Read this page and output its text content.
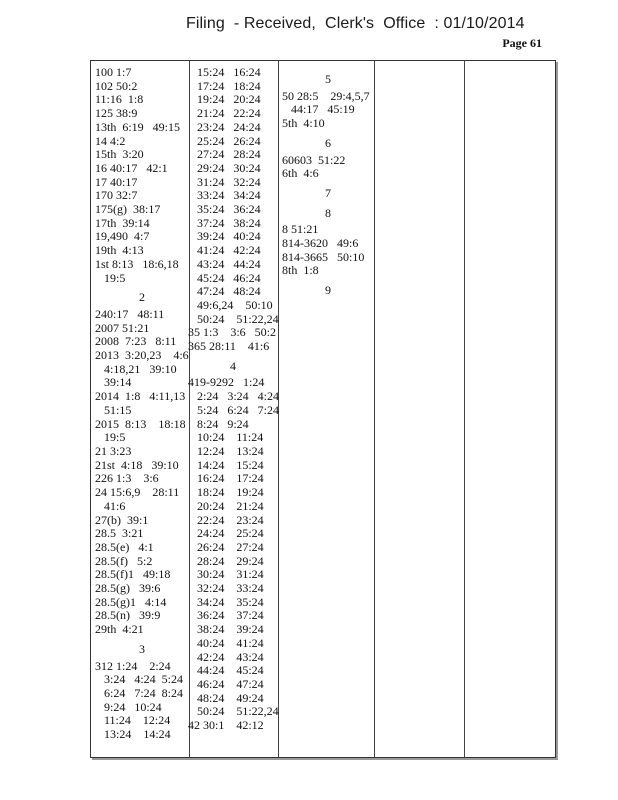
Filing  - Received,  Clerk's  Office  : 01/10/2014
Page 61
100 1:7
102 50:2
11:16  1:8
125 38:9
13th  6:19   49:15
14 4:2
15th  3:20
16 40:17   42:1
17 40:17
170 32:7
175(g)  38:17
17th  39:14
19,490  4:7
19th  4:13
1st 8:13   18:6,18
19:5
2
240:17   48:11
2007 51:21
2008  7:23   8:11
2013  3:20,23    4:6
4:18,21   39:10
39:14
2014  1:8   4:11,13
51:15
2015  8:13    18:18
19:5
21 3:23
21st  4:18   39:10
226 1:3    3:6
24 15:6,9    28:11
41:6
27(b)  39:1
28.5  3:21
28.5(e)   4:1
28.5(f)   5:2
28.5(f)1   49:18
28.5(g)   39:6
28.5(g)1   4:14
28.5(n)   39:9
29th  4:21
3
312 1:24    2:24
3:24   4:24  5:24
6:24   7:24  8:24
9:24   10:24
11:24    12:24
13:24    14:24
15:24   16:24
17:24   18:24
19:24   20:24
21:24   22:24
23:24   24:24
25:24   26:24
27:24   28:24
29:24   30:24
31:24   32:24
33:24   34:24
35:24   36:24
37:24   38:24
39:24   40:24
41:24   42:24
43:24   44:24
45:24   46:24
47:24   48:24
49:6,24    50:10
50:24    51:22,24
35 1:3    3:6   50:2
365 28:11    41:6
4
419-9292   1:24
2:24   3:24   4:24
5:24   6:24   7:24
8:24   9:24
10:24    11:24
12:24    13:24
14:24    15:24
16:24    17:24
18:24    19:24
20:24    21:24
22:24    23:24
24:24    25:24
26:24    27:24
28:24    29:24
30:24    31:24
32:24    33:24
34:24    35:24
36:24    37:24
38:24    39:24
40:24    41:24
42:24    43:24
44:24    45:24
46:24    47:24
48:24    49:24
50:24    51:22,24
42 30:1    42:12
5
50 28:5    29:4,5,7
44:17   45:19
5th  4:10
6
60603  51:22
6th  4:6
7
8
8 51:21
814-3620   49:6
814-3665   50:10
8th  1:8
9
